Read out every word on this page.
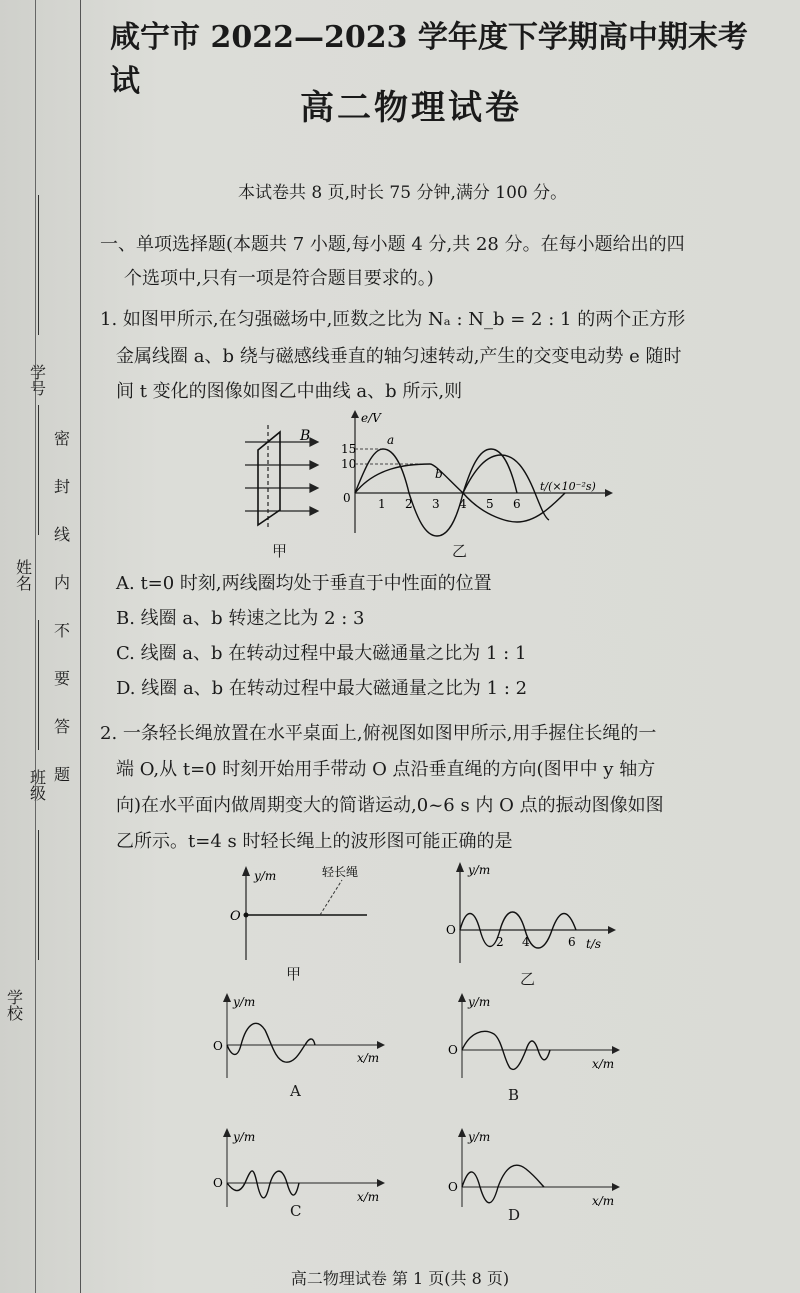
学 号
姓 名
班 级
学 校
密 封 线 内 不 要 答 题
咸宁市 2022—2023 学年度下学期高中期末考试
高二物理试卷
本试卷共 8 页,时长 75 分钟,满分 100 分。
一、单项选择题(本题共 7 小题,每小题 4 分,共 28 分。在每小题给出的四
个选项中,只有一项是符合题目要求的。)
1. 如图甲所示,在匀强磁场中,匝数之比为 Nₐ : N_b = 2 : 1 的两个正方形
金属线圈 a、b 绕与磁感线垂直的轴匀速转动,产生的交变电动势 e 随时
间 t 变化的图像如图乙中曲线 a、b 所示,则
B
甲
e/V
15
10
0
a
b
1 2 3 4 5 6
t/(×10⁻²s)
乙
A. t=0 时刻,两线圈均处于垂直于中性面的位置
B. 线圈 a、b 转速之比为 2 : 3
C. 线圈 a、b 在转动过程中最大磁通量之比为 1 : 1
D. 线圈 a、b 在转动过程中最大磁通量之比为 1 : 2
2. 一条轻长绳放置在水平桌面上,俯视图如图甲所示,用手握住长绳的一
端 O,从 t=0 时刻开始用手带动 O 点沿垂直绳的方向(图甲中 y 轴方
向)在水平面内做周期变大的简谐运动,0~6 s 内 O 点的振动图像如图
乙所示。t=4 s 时轻长绳上的波形图可能正确的是
y/m
O
轻长绳
甲
y/m
O
2 4	6 t/s
乙
y/m
O
x/m
A
y/m
O
x/m
B
y/m
O
x/m
C
y/m
O
x/m
D
高二物理试卷 第 1 页(共 8 页)
